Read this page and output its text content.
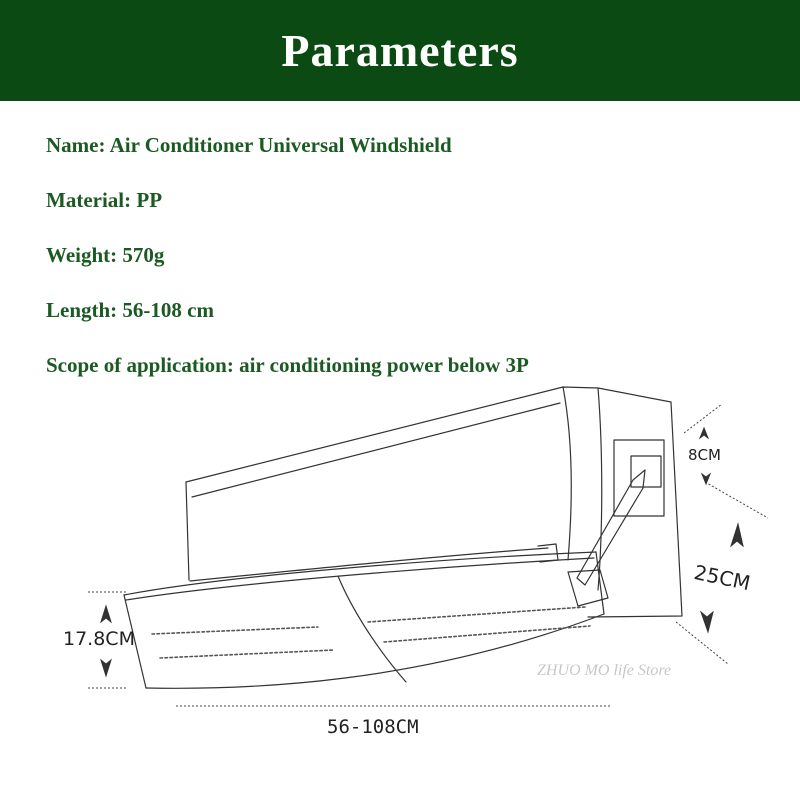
Parameters
Name: Air Conditioner Universal Windshield
Material: PP
Weight: 570g
Length: 56-108 cm
Scope of application: air conditioning power below 3P
17.8CM
56-108CM
8CM
25CM
ZHUO MO life Store
